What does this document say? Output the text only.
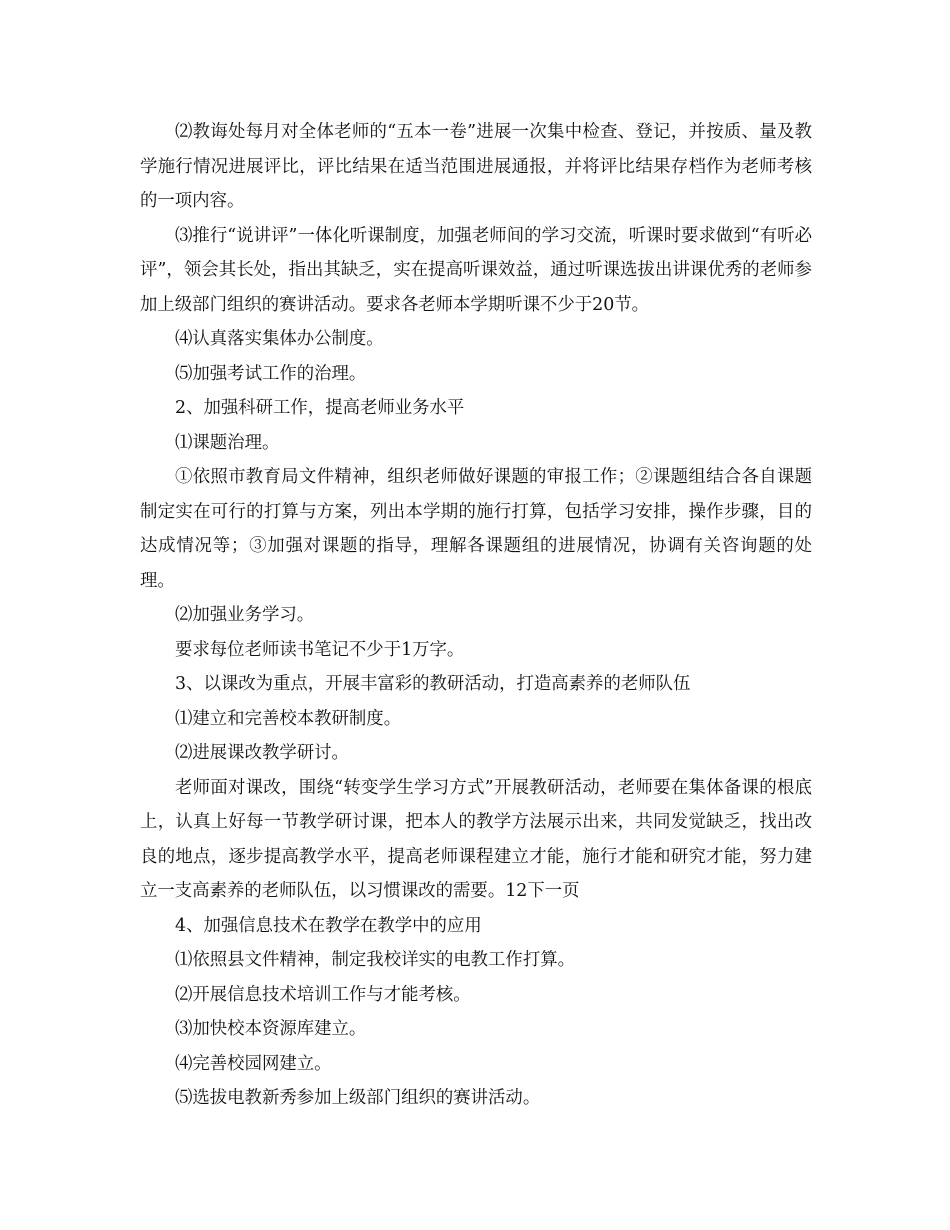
⑵教诲处每月对全体老师的“五本一卷”进展一次集中检查、登记，并按质、量及教学施行情况进展评比，评比结果在适当范围进展通报，并将评比结果存档作为老师考核的一项内容。

⑶推行“说讲评”一体化听课制度，加强老师间的学习交流，听课时要求做到“有听必评”，领会其长处，指出其缺乏，实在提高听课效益，通过听课选拔出讲课优秀的老师参加上级部门组织的赛讲活动。要求各老师本学期听课不少于20节。

⑷认真落实集体办公制度。

⑸加强考试工作的治理。

2、加强科研工作，提高老师业务水平

⑴课题治理。

①依照市教育局文件精神，组织老师做好课题的审报工作；②课题组结合各自课题制定实在可行的打算与方案，列出本学期的施行打算，包括学习安排，操作步骤，目的达成情况等；③加强对课题的指导，理解各课题组的进展情况，协调有关咨询题的处理。

⑵加强业务学习。

要求每位老师读书笔记不少于1万字。

3、以课改为重点，开展丰富彩的教研活动，打造高素养的老师队伍

⑴建立和完善校本教研制度。

⑵进展课改教学研讨。

老师面对课改，围绕“转变学生学习方式”开展教研活动，老师要在集体备课的根底上，认真上好每一节教学研讨课，把本人的教学方法展示出来，共同发觉缺乏，找出改良的地点，逐步提高教学水平，提高老师课程建立才能，施行才能和研究才能，努力建立一支高素养的老师队伍，以习惯课改的需要。12下一页

4、加强信息技术在教学在教学中的应用

⑴依照县文件精神，制定我校详实的电教工作打算。

⑵开展信息技术培训工作与才能考核。

⑶加快校本资源库建立。

⑷完善校园网建立。

⑸选拔电教新秀参加上级部门组织的赛讲活动。
